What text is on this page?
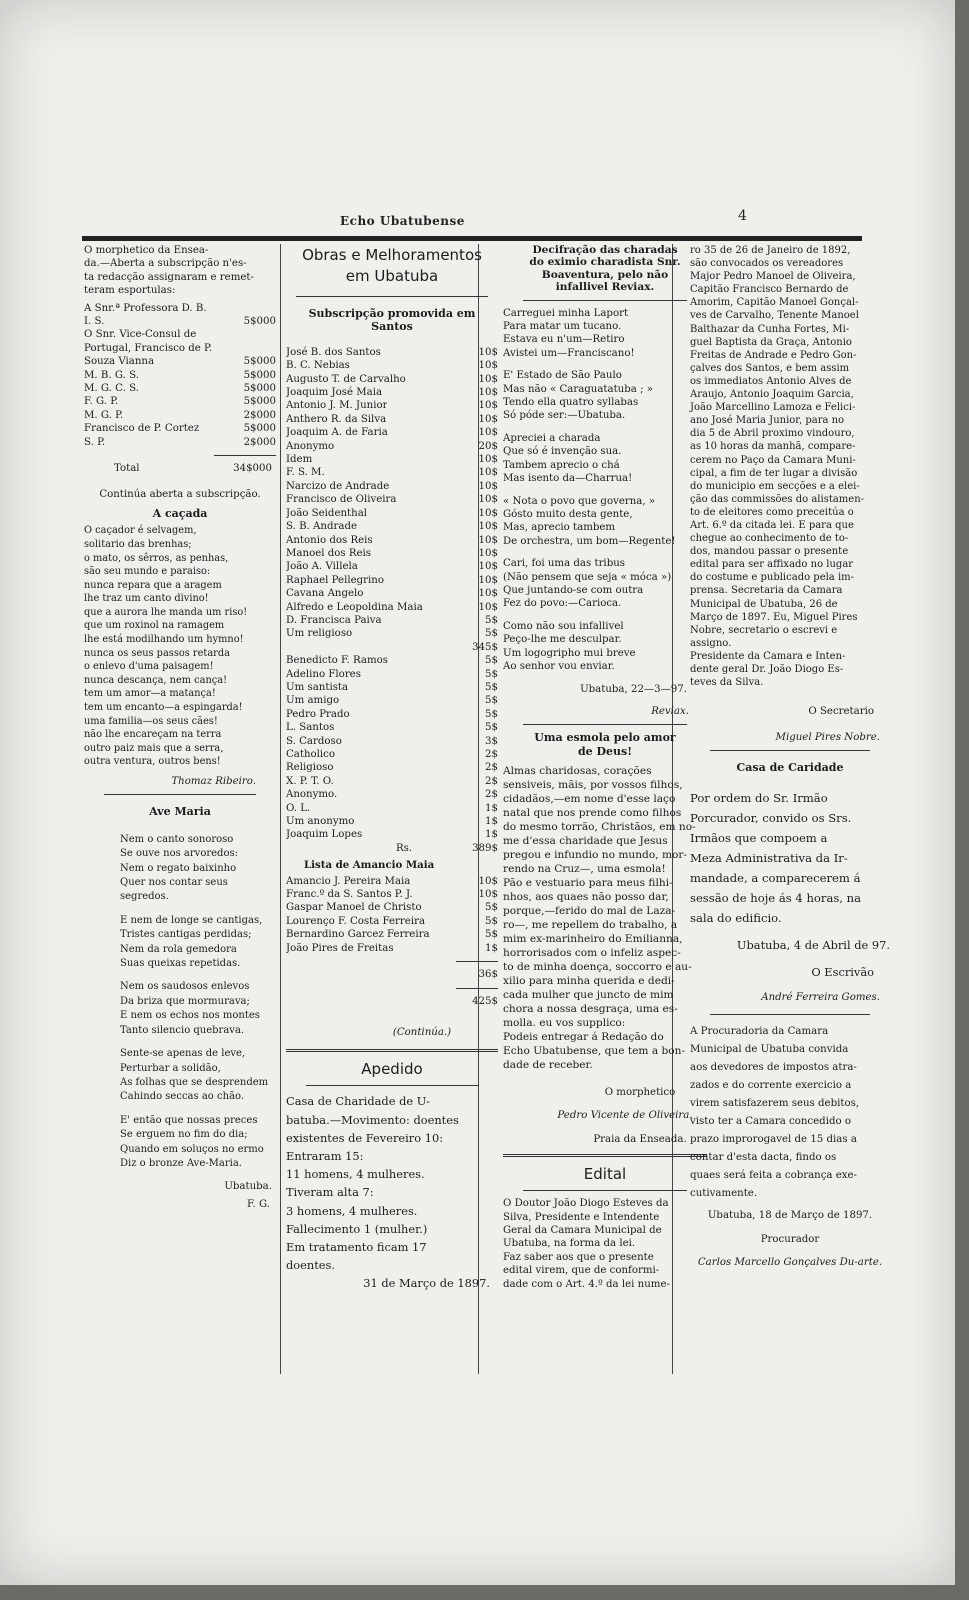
Echo Ubatubense	4

O morphetico da Ensea-

da.—Aberta a subscripção n'es-

ta redacção assignaram e remet-

teram esportulas:

A Snr.ª Professora D. B.
I. S.	5$000
O Snr. Vice-Consul de
Portugal, Francisco de P.
Souza Vianna	5$000
M. B. G. S.	5$000
M. G. C. S.	5$000
F. G. P.	5$000
M. G. P.	2$000
Francisco de P. Cortez	5$000
S. P.	2$000
Total	34$000

Continúa aberta a subscripção.

A caçada

O caçador é selvagem,

solitario das brenhas;

o mato, os sêrros, as penhas,

são seu mundo e paraiso:

nunca repara que a aragem

lhe traz um canto divino!

que a aurora lhe manda um riso!

que um roxinol na ramagem

lhe está modilhando um hymno!

nunca os seus passos retarda

o enlevo d'uma paisagem!

nunca descança, nem cança!

tem um amor—a matança!

tem um encanto—a espingarda!

uma familia—os seus cães!

não lhe encareçam na terra

outro paiz mais que a serra,

outra ventura, outros bens!

Thomaz Ribeiro.

Ave Maria

Nem o canto sonoroso

Se ouve nos arvoredos:

Nem o regato baixinho

Quer nos contar seus segredos.

E nem de longe se cantigas,

Tristes cantigas perdidas;

Nem da rola gemedora

Suas queixas repetidas.

Nem os saudosos enlevos

Da briza que mormurava;

E nem os echos nos montes

Tanto silencio quebrava.

Sente-se apenas de leve,

Perturbar a solidão,

As folhas que se desprendem

Cahindo seccas ao chão.

E' então que nossas preces

Se erguem no fim do dia;

Quando em soluços no ermo

Diz o bronze Ave-Maria.

Ubatuba.

F. G.

Obras e Melhoramentos
em Ubatuba
Subscripção promovida em Santos
José B. dos Santos	10$
B. C. Nebias	10$
Augusto T. de Carvalho	10$
Joaquim José Maia	10$
Antonio J. M. Junior	10$
Anthero R. da Silva	10$
Joaquim A. de Faria	10$
Anonymo	20$
Idem	10$
F. S. M.	10$
Narcizo de Andrade	10$
Francisco de Oliveira	10$
João Seidenthal	10$
S. B. Andrade	10$
Antonio dos Reis	10$
Manoel dos Reis	10$
João A. Villela	10$
Raphael Pellegrino	10$
Cavana Angelo	10$
Alfredo e Leopoldina Maia	10$
D. Francisca Paiva	5$
Um religioso	5$
345$
Benedicto F. Ramos	5$
Adelino Flores	5$
Um santista	5$
Um amigo	5$
Pedro Prado	5$
L. Santos	5$
S. Cardoso	3$
Catholico	2$
Religioso	2$
X. P. T. O.	2$
Anonymo.	2$
O. L.	1$
Um anonymo	1$
Joaquim Lopes	1$
Rs.	389$
Lista de Amancio Maia
Amancio J. Pereira Maia	10$
Franc.º da S. Santos P. J.	10$
Gaspar Manoel de Christo	5$
Lourenço F. Costa Ferreira	5$
Bernardino Garcez Ferreira	5$
João Pires de Freitas	1$
36$
425$

(Continúa.)

Apedido

Casa de Charidade de U-

batuba.—Movimento: doentes

existentes de Fevereiro 10:

Entraram 15:

11 homens, 4 mulheres.

Tiveram alta 7:

3 homens, 4 mulheres.

Fallecimento 1 (mulher.)

Em tratamento ficam 17

doentes.

31 de Março de 1897.

Decifração das charadas

do eximio charadista Snr.

Boaventura, pelo não

infallivel Reviax.

Carreguei minha Laport

Para matar um tucano.

Estava eu n'um—Retiro

Avistei um—Franciscano!

E' Estado de São Paulo

Mas não « Caraguatatuba ; »

Tendo ella quatro syllabas

Só póde ser:—Ubatuba.

Apreciei a charada

Que só é invenção sua.

Tambem aprecio o chá

Mas isento da—Charrua!

« Nota o povo que governa, »

Gósto muito desta gente,

Mas, aprecio tambem

De orchestra, um bom—Regente!

Cari, foi uma das tribus

(Não pensem que seja « móca »)

Que juntando-se com outra

Fez do povo:—Carioca.

Como não sou infallivel

Peço-lhe me desculpar.

Um logogripho mui breve

Ao senhor vou enviar.

Ubatuba, 22—3—97.

Reviax.

Uma esmola pelo amor de Deus!

Almas charidosas, corações

sensiveis, mãis, por vossos filhos,

cidadãos,—em nome d'esse laço

natal que nos prende como filhos

do mesmo torrão, Christãos, em no-

me d'essa charidade que Jesus

pregou e infundio no mundo, mor-

rendo na Cruz—, uma esmola!

Pão e vestuario para meus filhi-

nhos, aos quaes não posso dar,

porque,—ferido do mal de Laza-

ro—, me repellem do trabalho, a

mim ex-marinheiro do Emilianna,

horrorisados com o infeliz aspec-

to de minha doença, soccorro e au-

xilio para minha querida e dedi-

cada mulher que juncto de mim

chora a nossa desgraça, uma es-

molla. eu vos supplico:

Podeis entregar á Redação do

Echo Ubatubense, que tem a bon-

dade de receber.

O morphetico

Pedro Vicente de Oliveira.

Praia da Enseada.

Edital

O Doutor João Diogo Esteves da

Silva, Presidente e Intendente

Geral da Camara Municipal de

Ubatuba, na forma da lei.

Faz saber aos que o presente

edital virem, que de conformi-

dade com o Art. 4.º da lei nume-

ro 35 de 26 de Janeiro de 1892,

são convocados os vereadores

Major Pedro Manoel de Oliveira,

Capitão Francisco Bernardo de

Amorim, Capitão Manoel Gonçal-

ves de Carvalho, Tenente Manoel

Balthazar da Cunha Fortes, Mi-

guel Baptista da Graça, Antonio

Freitas de Andrade e Pedro Gon-

çalves dos Santos, e bem assim

os immediatos Antonio Alves de

Araujo, Antonio Joaquim Garcia,

João Marcellino Lamoza e Felici-

ano José Maria Junior, para no

dia 5 de Abril proximo vindouro,

as 10 horas da manhã, compare-

cerem no Paço da Camara Muni-

cipal, a fim de ter lugar a divisão

do municipio em secções e a elei-

ção das commissões do alistamen-

to de eleitores como preceitúa o

Art. 6.º da citada lei. E para que

chegue ao conhecimento de to-

dos, mandou passar o presente

edital para ser affixado no lugar

do costume e publicado pela im-

prensa. Secretaria da Camara

Municipal de Ubatuba, 26 de

Março de 1897. Eu, Miguel Pires

Nobre, secretario o escrevi e

assigno.

Presidente da Camara e Inten-

dente geral Dr. João Diogo Es-

teves da Silva.

O Secretario

Miguel Pires Nobre.

Casa de Caridade

Por ordem do Sr. Irmão

Porcurador, convido os Srs.

Irmãos que compoem a

Meza Administrativa da Ir-

mandade, a comparecerem á

sessão de hoje ás 4 horas, na

sala do edificio.

Ubatuba, 4 de Abril de 97.

O Escrivão

André Ferreira Gomes.

A Procuradoria da Camara

Municipal de Ubatuba convida

aos devedores de impostos atra-

zados e do corrente exercicio a

virem satisfazerem seus debitos,

visto ter a Camara concedido o

prazo improrogavel de 15 dias a

contar d'esta dacta, findo os

quaes será feita a cobrança exe-

cutivamente.

Ubatuba, 18 de Março de 1897.

Procurador

Carlos Marcello Gonçalves Du-arte.
